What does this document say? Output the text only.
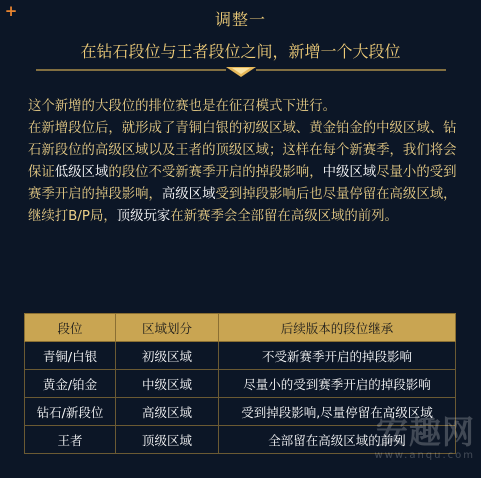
+	调整一
在钻石段位与王者段位之间，新增一个大段位
这个新增的大段位的排位赛也是在征召模式下进行。
在新增段位后，就形成了青铜白银的初级区域、黄金铂金的中级区域、钻石新段位的高级区域以及王者的顶级区域；这样在每个新赛季，我们将会保证低级区域的段位不受新赛季开启的掉段影响，中级区域尽量小的受到赛季开启的掉段影响，高级区域受到掉段影响后也尽量停留在高级区域，继续打B/P局，顶级玩家在新赛季会全部留在高级区域的前列。
段位	区域划分	后续版本的段位继承
青铜/白银	初级区域	不受新赛季开启的掉段影响
黄金/铂金	中级区域	尽量小的受到赛季开启的掉段影响
钻石/新段位	高级区域	受到掉段影响,尽量停留在高级区域
王者	顶级区域	全部留在高级区域的前列
安趣网
www.anqu.com
